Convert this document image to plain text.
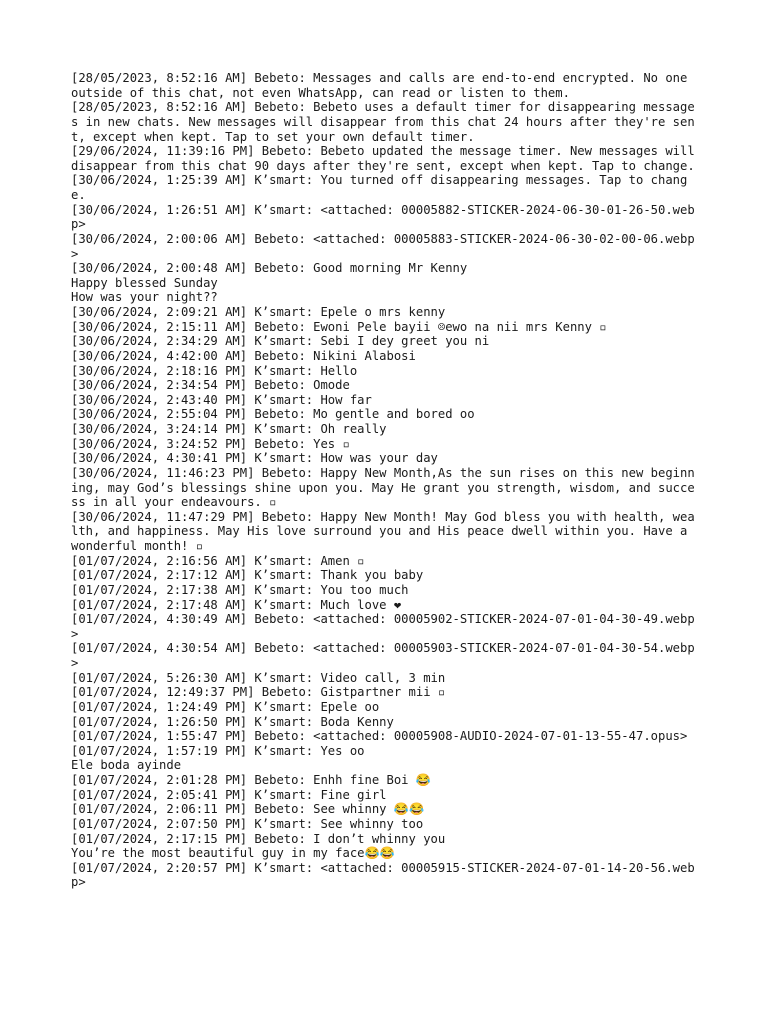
[28/05/2023, 8:52:16 AM] Bebeto: Messages and calls are end-to-end encrypted. No one outside of this chat, not even WhatsApp, can read or listen to them.
[28/05/2023, 8:52:16 AM] Bebeto: Bebeto uses a default timer for disappearing messages in new chats. New messages will disappear from this chat 24 hours after they're sent, except when kept. Tap to set your own default timer.
[29/06/2024, 11:39:16 PM] Bebeto: Bebeto updated the message timer. New messages will disappear from this chat 90 days after they're sent, except when kept. Tap to change.
[30/06/2024, 1:25:39 AM] K’smart: You turned off disappearing messages. Tap to change.
[30/06/2024, 1:26:51 AM] K’smart: <attached: 00005882-STICKER-2024-06-30-01-26-50.webp>
[30/06/2024, 2:00:06 AM] Bebeto: <attached: 00005883-STICKER-2024-06-30-02-00-06.webp>
[30/06/2024, 2:00:48 AM] Bebeto: Good morning Mr Kenny
Happy blessed Sunday
How was your night??
[30/06/2024, 2:09:21 AM] K’smart: Epele o mrs kenny
[30/06/2024, 2:15:11 AM] Bebeto: Ewoni Pele bayii ☹ewo na nii mrs Kenny ▫
[30/06/2024, 2:34:29 AM] K’smart: Sebi I dey greet you ni
[30/06/2024, 4:42:00 AM] Bebeto: Nikini Alabosi
[30/06/2024, 2:18:16 PM] K’smart: Hello
[30/06/2024, 2:34:54 PM] Bebeto: Omode
[30/06/2024, 2:43:40 PM] K’smart: How far
[30/06/2024, 2:55:04 PM] Bebeto: Mo gentle and bored oo
[30/06/2024, 3:24:14 PM] K’smart: Oh really
[30/06/2024, 3:24:52 PM] Bebeto: Yes ▫
[30/06/2024, 4:30:41 PM] K’smart: How was your day
[30/06/2024, 11:46:23 PM] Bebeto: Happy New Month,As the sun rises on this new beginning, may God’s blessings shine upon you. May He grant you strength, wisdom, and success in all your endeavours. ▫
[30/06/2024, 11:47:29 PM] Bebeto: Happy New Month! May God bless you with health, wealth, and happiness. May His love surround you and His peace dwell within you. Have a wonderful month! ▫
[01/07/2024, 2:16:56 AM] K’smart: Amen ▫
[01/07/2024, 2:17:12 AM] K’smart: Thank you baby
[01/07/2024, 2:17:38 AM] K’smart: You too much
[01/07/2024, 2:17:48 AM] K’smart: Much love ❤
[01/07/2024, 4:30:49 AM] Bebeto: <attached: 00005902-STICKER-2024-07-01-04-30-49.webp>
[01/07/2024, 4:30:54 AM] Bebeto: <attached: 00005903-STICKER-2024-07-01-04-30-54.webp>
[01/07/2024, 5:26:30 AM] K’smart: Video call, 3 min
[01/07/2024, 12:49:37 PM] Bebeto: Gistpartner mii ▫
[01/07/2024, 1:24:49 PM] K’smart: Epele oo
[01/07/2024, 1:26:50 PM] K’smart: Boda Kenny
[01/07/2024, 1:55:47 PM] Bebeto: <attached: 00005908-AUDIO-2024-07-01-13-55-47.opus>
[01/07/2024, 1:57:19 PM] K’smart: Yes oo
Ele boda ayinde
[01/07/2024, 2:01:28 PM] Bebeto: Enhh fine Boi 😂
[01/07/2024, 2:05:41 PM] K’smart: Fine girl
[01/07/2024, 2:06:11 PM] Bebeto: See whinny 😂😂
[01/07/2024, 2:07:50 PM] K’smart: See whinny too
[01/07/2024, 2:17:15 PM] Bebeto: I don’t whinny you
You’re the most beautiful guy in my face😂😂
[01/07/2024, 2:20:57 PM] K’smart: <attached: 00005915-STICKER-2024-07-01-14-20-56.webp>
